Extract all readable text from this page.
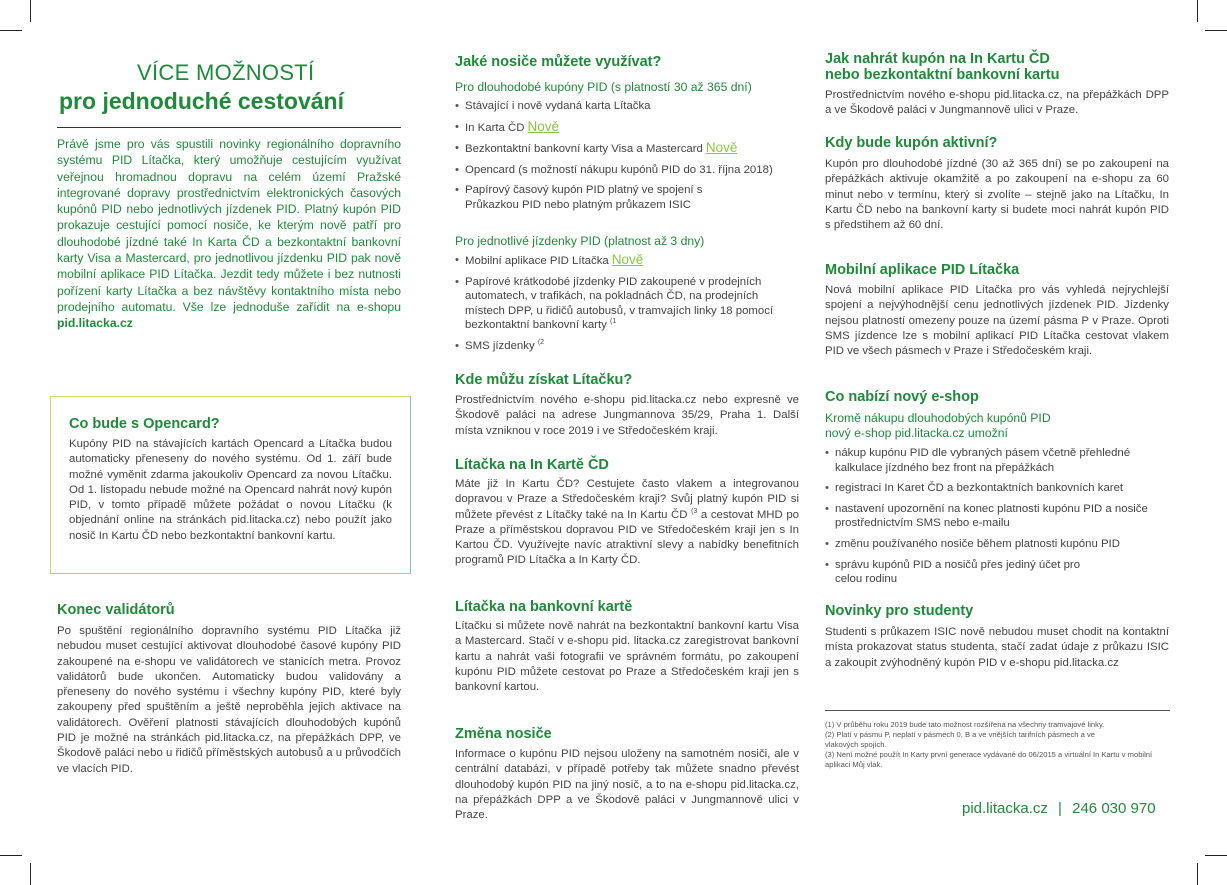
VÍCE MOŽNOSTÍ
pro jednoduché cestování

Právě jsme pro vás spustili novinky regionálního dopravního systému PID Lítačka, který umožňuje cestujícím využívat veřejnou hromadnou dopravu na celém území Pražské integrované dopravy prostřednictvím elektronických časových kupónů PID nebo jednotlivých jízdenek PID. Platný kupón PID prokazuje cestující pomocí nosiče, ke kterým nově patří pro dlouhodobé jízdné také In Karta ČD a bezkontaktní bankovní karty Visa a Mastercard, pro jednotlivou jízdenku PID pak nově mobilní aplikace PID Lítačka. Jezdit tedy můžete i bez nutnosti pořízení karty Lítačka a bez návštěvy kontaktního místa nebo prodejního automatu. Vše lze jednoduše zařídit na e-shopu pid.litacka.cz

Co bude s Opencard?

Kupóny PID na stávajících kartách Opencard a Lítačka budou automaticky přeneseny do nového systému. Od 1. září bude možné vyměnit zdarma jakoukoliv Opencard za novou Lítačku. Od 1. listopadu nebude možné na Opencard nahrát nový kupón PID, v tomto případě můžete požádat o novou Lítačku (k objednání online na stránkách pid.litacka.cz) nebo použít jako nosič In Kartu ČD nebo bezkontaktní bankovní kartu.

Konec validátorů

Po spuštění regionálního dopravního systému PID Lítačka již nebudou muset cestující aktivovat dlouhodobé časové kupóny PID zakoupené na e-shopu ve validátorech ve stanicích metra. Provoz validátorů bude ukončen. Automaticky budou validovány a přeneseny do nového systému i všechny kupóny PID, které byly zakoupeny před spuštěním a ještě neproběhla jejich aktivace na validátorech. Ověření platnosti stávajících dlouhodobých kupónů PID je možné na stránkách pid.litacka.cz, na přepážkách DPP, ve Škodově paláci nebo u řidičů příměstských autobusů a u průvodčích ve vlacích PID.

Jaké nosiče můžete využívat?

Pro dlouhodobé kupóny PID (s platností 30 až 365 dní)

• Stávající i nově vydaná karta Lítačka
• In Karta ČD Nově
• Bezkontaktní bankovní karty Visa a Mastercard Nově
• Opencard (s možností nákupu kupónů PID do 31. října 2018)
• Papírový časový kupón PID platný ve spojení s Průkazkou PID nebo platným průkazem ISIC

Pro jednotlivé jízdenky PID (platnost až 3 dny)

• Mobilní aplikace PID Lítačka Nově
• Papírové krátkodobé jízdenky PID zakoupené v prodejních automatech, v trafikách, na pokladnách ČD, na prodejních místech DPP, u řidičů autobusů, v tramvajích linky 18 pomocí bezkontaktní bankovní karty $^{(1}$
• SMS jízdenky $^{(2}$
Kde můžu získat Lítačku?

Prostřednictvím nového e-shopu pid.litacka.cz nebo expresně ve Škodově paláci na adrese Jungmannova 35/29, Praha 1. Další místa vzniknou v roce 2019 i ve Středočeském kraji.

Lítačka na In Kartě ČD

Máte již In Kartu ČD? Cestujete často vlakem a integrovanou dopravou v Praze a Středočeském kraji? Svůj platný kupón PID si můžete převést z Lítačky také na In Kartu ČD $^{(3}$ a cestovat MHD po Praze a příměstskou dopravou PID ve Středočeském kraji jen s In Kartou ČD. Využívejte navíc atraktivní slevy a nabídky benefitních programů PID Lítačka a In Karty ČD.

Lítačka na bankovní kartě

Lítačku si můžete nově nahrát na bezkontaktní bankovní kartu Visa a Mastercard. Stačí v e-shopu pid. litacka.cz zaregistrovat bankovní kartu a nahrát vaši fotografii ve správném formátu, po zakoupení kupónu PID můžete cestovat po Praze a Středočeském kraji jen s bankovní kartou.

Změna nosiče

Informace o kupónu PID nejsou uloženy na samotném nosiči, ale v centrální databázi, v případě potřeby tak můžete snadno převést dlouhodobý kupón PID na jiný nosič, a to na e-shopu pid.litacka.cz, na přepážkách DPP a ve Škodově paláci v Jungmannově ulici v Praze.

Jak nahrát kupón na In Kartu ČD
nebo bezkontaktní bankovní kartu

Prostřednictvím nového e-shopu pid.litacka.cz, na přepážkách DPP a ve Škodově paláci v Jungmannově ulici v Praze.

Kdy bude kupón aktivní?

Kupón pro dlouhodobé jízdné (30 až 365 dní) se po zakoupení na přepážkách aktivuje okamžitě a po zakoupení na e-shopu za 60 minut nebo v termínu, který si zvolíte – stejně jako na Lítačku, In Kartu ČD nebo na bankovní karty si budete moci nahrát kupón PID s předstihem až 60 dní.

Mobilní aplikace PID Lítačka

Nová mobilní aplikace PID Lítačka pro vás vyhledá nejrychlejší spojení a nejvýhodnější cenu jednotlivých jízdenek PID. Jízdenky nejsou platností omezeny pouze na území pásma P v Praze. Oproti SMS jízdence lze s mobilní aplikací PID Lítačka cestovat vlakem PID ve všech pásmech v Praze i Středočeském kraji.

Co nabízí nový e-shop

Kromě nákupu dlouhodobých kupónů PID

nový e-shop pid.litacka.cz umožní

• nákup kupónu PID dle vybraných pásem včetně přehledné kalkulace jízdného bez front na přepážkách
• registraci In Karet ČD a bezkontaktních bankovních karet
• nastavení upozornění na konec platnosti kupónu PID a nosiče prostřednictvím SMS nebo e-mailu
• změnu používaného nosiče během platnosti kupónu PID
• správu kupónů PID a nosičů přes jediný účet pro celou rodinu
Novinky pro studenty

Studenti s průkazem ISIC nově nebudou muset chodit na kontaktní místa prokazovat status studenta, stačí zadat údaje z průkazu ISIC a zakoupit zvýhodněný kupón PID v e-shopu pid.litacka.cz

(1) V průběhu roku 2019 bude tato možnost rozšířena na všechny tramvajové linky.

(2) Platí v pásmu P, neplatí v pásmech 0, B a ve vnějších tarifních pásmech a ve vlakových spojích.

(3) Není možné použít In Karty první generace vydávané do 06/2015 a virtuální In Kartu v mobilní aplikaci Můj vlak.

pid.litacka.cz | 246 030 970
